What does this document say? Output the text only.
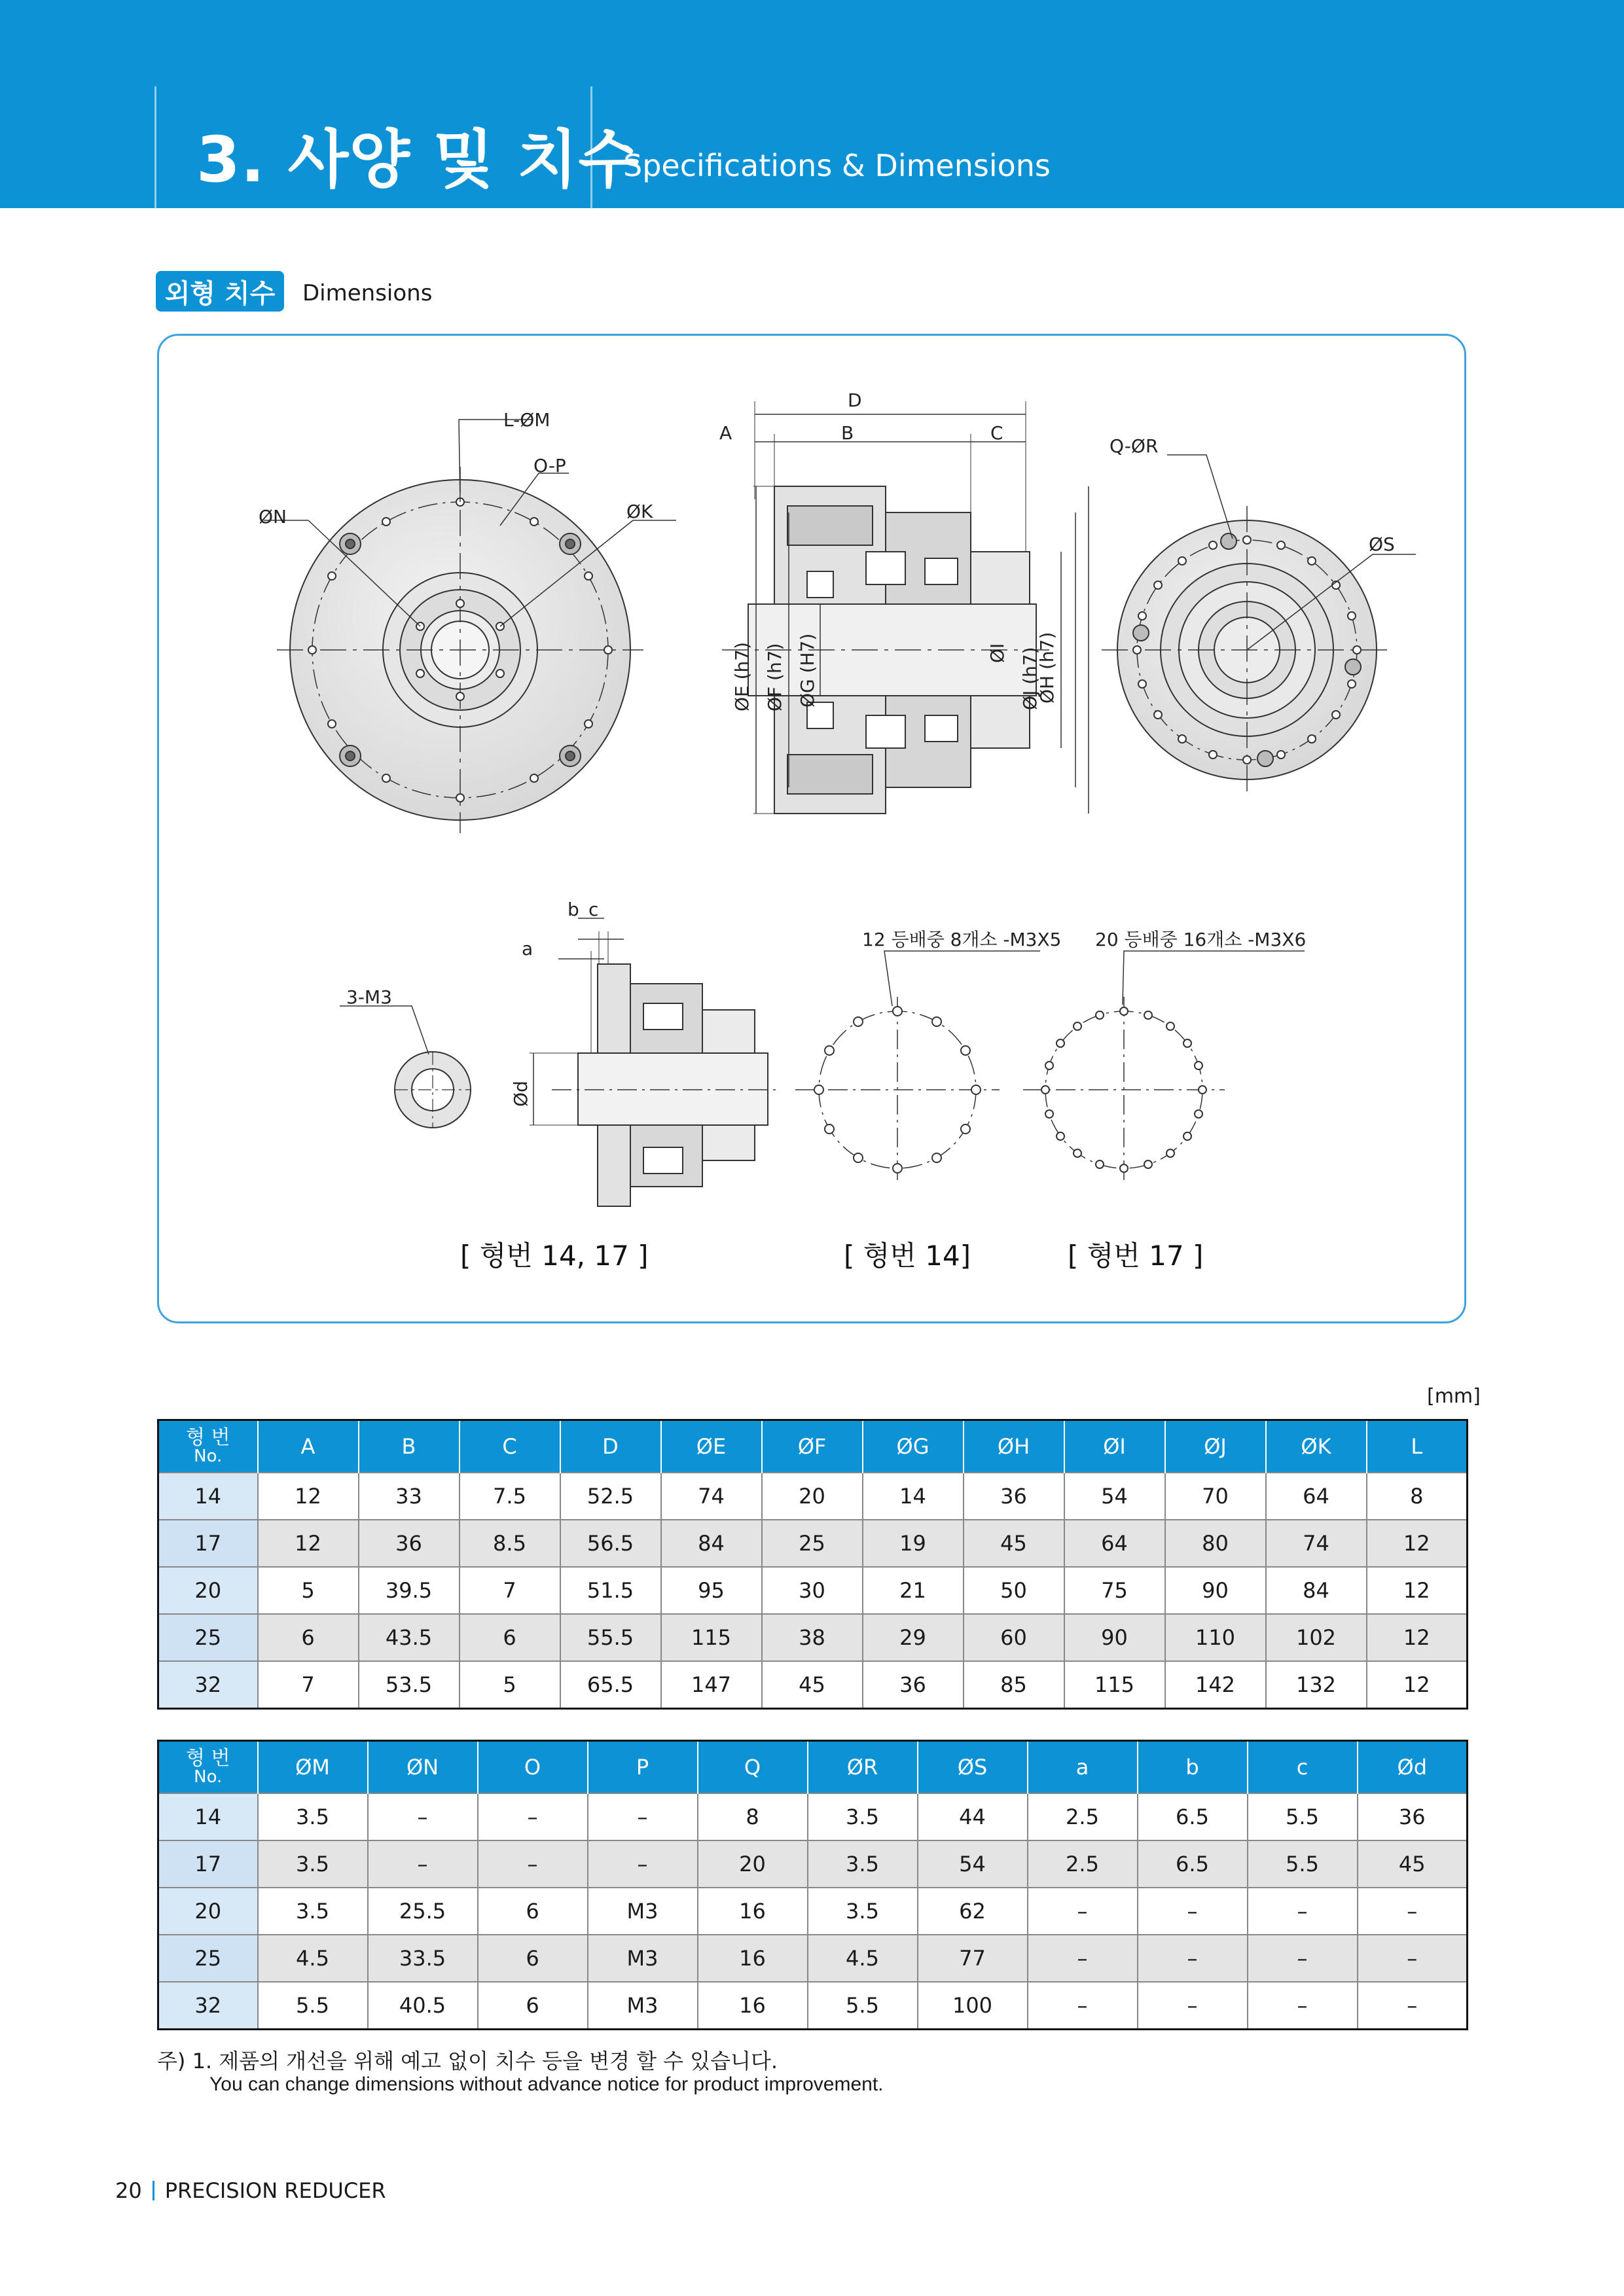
3. 사양 및 치수
Specifications & Dimensions
외형 치수	Dimensions
L-ØM
O-P
ØN	ØK
D
A	B	C
ØE (h7) ØF (h7) ØG (H7)	ØH (h7)
ØI ØJ (h7)
Q-ØR
ØS
3-M3
b c
a
Ød
12 등배중 8개소 -M3X5 20 등배중 16개소 -M3X6
[ 형번 14, 17 ]	[ 형번 14]	[ 형번 17 ]
[mm]
형 번
No.	A	B	C	D	ØE	ØF	ØG	ØH	ØI	ØJ	ØK	L
14	12	33	7.5	52.5	74	20	14	36	54	70	64	8
17	12	36	8.5	56.5	84	25	19	45	64	80	74	12
20	5	39.5	7	51.5	95	30	21	50	75	90	84	12
25	6	43.5	6	55.5	115	38	29	60	90	110	102	12
32	7	53.5	5	65.5	147	45	36	85	115	142	132	12
형 번
No.	ØM	ØN	O	P	Q	ØR	ØS	a	b	c	Ød
14	3.5	–	–	–	8	3.5	44	2.5	6.5	5.5	36
17	3.5	–	–	–	20	3.5	54	2.5	6.5	5.5	45
20	3.5	25.5	6	M3	16	3.5	62	–	–	–	–
25	4.5	33.5	6	M3	16	4.5	77	–	–	–	–
32	5.5	40.5	6	M3	16	5.5	100	–	–	–	–
주) 1. 제품의 개선을 위해 예고 없이 치수 등을 변경 할 수 있습니다.
You can change dimensions without advance notice for product improvement.
20 PRECISION REDUCER
